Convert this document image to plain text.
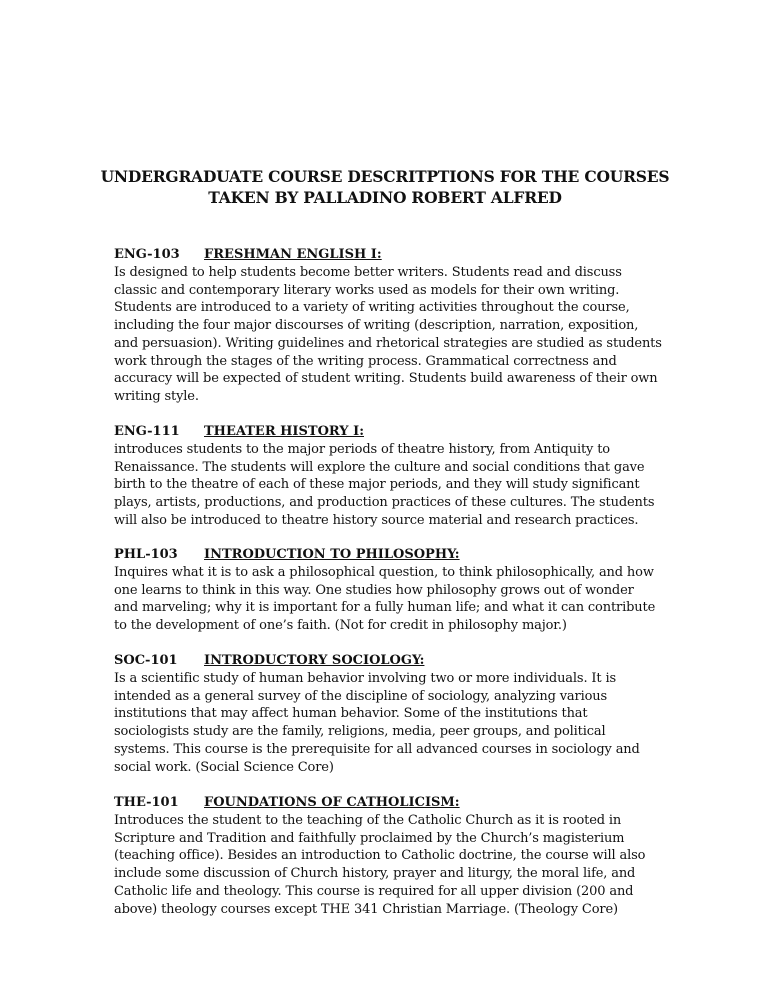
UNDERGRADUATE COURSE DESCRITPTIONS FOR THE COURSES
TAKEN BY PALLADINO ROBERT ALFRED
ENG-103 FRESHMAN ENGLISH I:
Is designed to help students become better writers. Students read and discuss
classic and contemporary literary works used as models for their own writing.
Students are introduced to a variety of writing activities throughout the course,
including the four major discourses of writing (description, narration, exposition,
and persuasion). Writing guidelines and rhetorical strategies are studied as students
work through the stages of the writing process. Grammatical correctness and
accuracy will be expected of student writing. Students build awareness of their own
writing style.
ENG-111 THEATER HISTORY I:
introduces students to the major periods of theatre history, from Antiquity to
Renaissance. The students will explore the culture and social conditions that gave
birth to the theatre of each of these major periods, and they will study significant
plays, artists, productions, and production practices of these cultures. The students
will also be introduced to theatre history source material and research practices.
PHL-103 INTRODUCTION TO PHILOSOPHY:
Inquires what it is to ask a philosophical question, to think philosophically, and how
one learns to think in this way. One studies how philosophy grows out of wonder
and marveling; why it is important for a fully human life; and what it can contribute
to the development of one’s faith. (Not for credit in philosophy major.)
SOC-101 INTRODUCTORY SOCIOLOGY:
Is a scientific study of human behavior involving two or more individuals. It is
intended as a general survey of the discipline of sociology, analyzing various
institutions that may affect human behavior. Some of the institutions that
sociologists study are the family, religions, media, peer groups, and political
systems. This course is the prerequisite for all advanced courses in sociology and
social work. (Social Science Core)
THE-101 FOUNDATIONS OF CATHOLICISM:
Introduces the student to the teaching of the Catholic Church as it is rooted in
Scripture and Tradition and faithfully proclaimed by the Church’s magisterium
(teaching office). Besides an introduction to Catholic doctrine, the course will also
include some discussion of Church history, prayer and liturgy, the moral life, and
Catholic life and theology. This course is required for all upper division (200 and
above) theology courses except THE 341 Christian Marriage. (Theology Core)
